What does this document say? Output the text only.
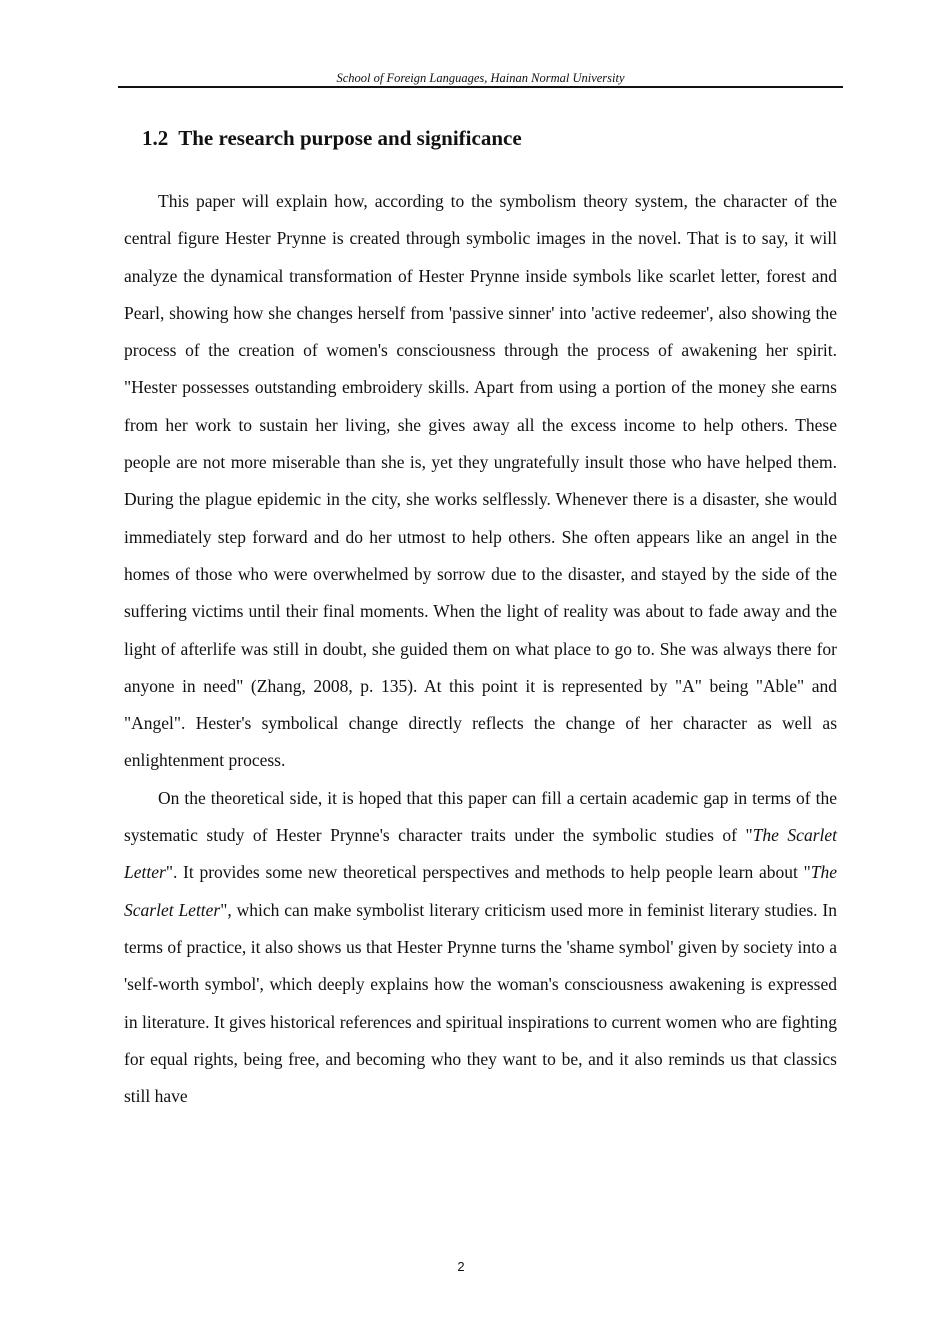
School of Foreign Languages, Hainan Normal University
1.2 The research purpose and significance

This paper will explain how, according to the symbolism theory system, the character of the central figure Hester Prynne is created through symbolic images in the novel. That is to say, it will analyze the dynamical transformation of Hester Prynne inside symbols like scarlet letter, forest and Pearl, showing how she changes herself from 'passive sinner' into 'active redeemer', also showing the process of the creation of women's consciousness through the process of awakening her spirit. "Hester possesses outstanding embroidery skills. Apart from using a portion of the money she earns from her work to sustain her living, she gives away all the excess income to help others. These people are not more miserable than she is, yet they ungratefully insult those who have helped them. During the plague epidemic in the city, she works selflessly. Whenever there is a disaster, she would immediately step forward and do her utmost to help others. She often appears like an angel in the homes of those who were overwhelmed by sorrow due to the disaster, and stayed by the side of the suffering victims until their final moments. When the light of reality was about to fade away and the light of afterlife was still in doubt, she guided them on what place to go to. She was always there for anyone in need" (Zhang, 2008, p. 135). At this point it is represented by "A" being "Able" and "Angel". Hester's symbolical change directly reflects the change of her character as well as enlightenment process.

On the theoretical side, it is hoped that this paper can fill a certain academic gap in terms of the systematic study of Hester Prynne's character traits under the symbolic studies of "The Scarlet Letter". It provides some new theoretical perspectives and methods to help people learn about "The Scarlet Letter", which can make symbolist literary criticism used more in feminist literary studies. In terms of practice, it also shows us that Hester Prynne turns the 'shame symbol' given by society into a 'self-worth symbol', which deeply explains how the woman's consciousness awakening is expressed in literature. It gives historical references and spiritual inspirations to current women who are fighting for equal rights, being free, and becoming who they want to be, and it also reminds us that classics still have

2
